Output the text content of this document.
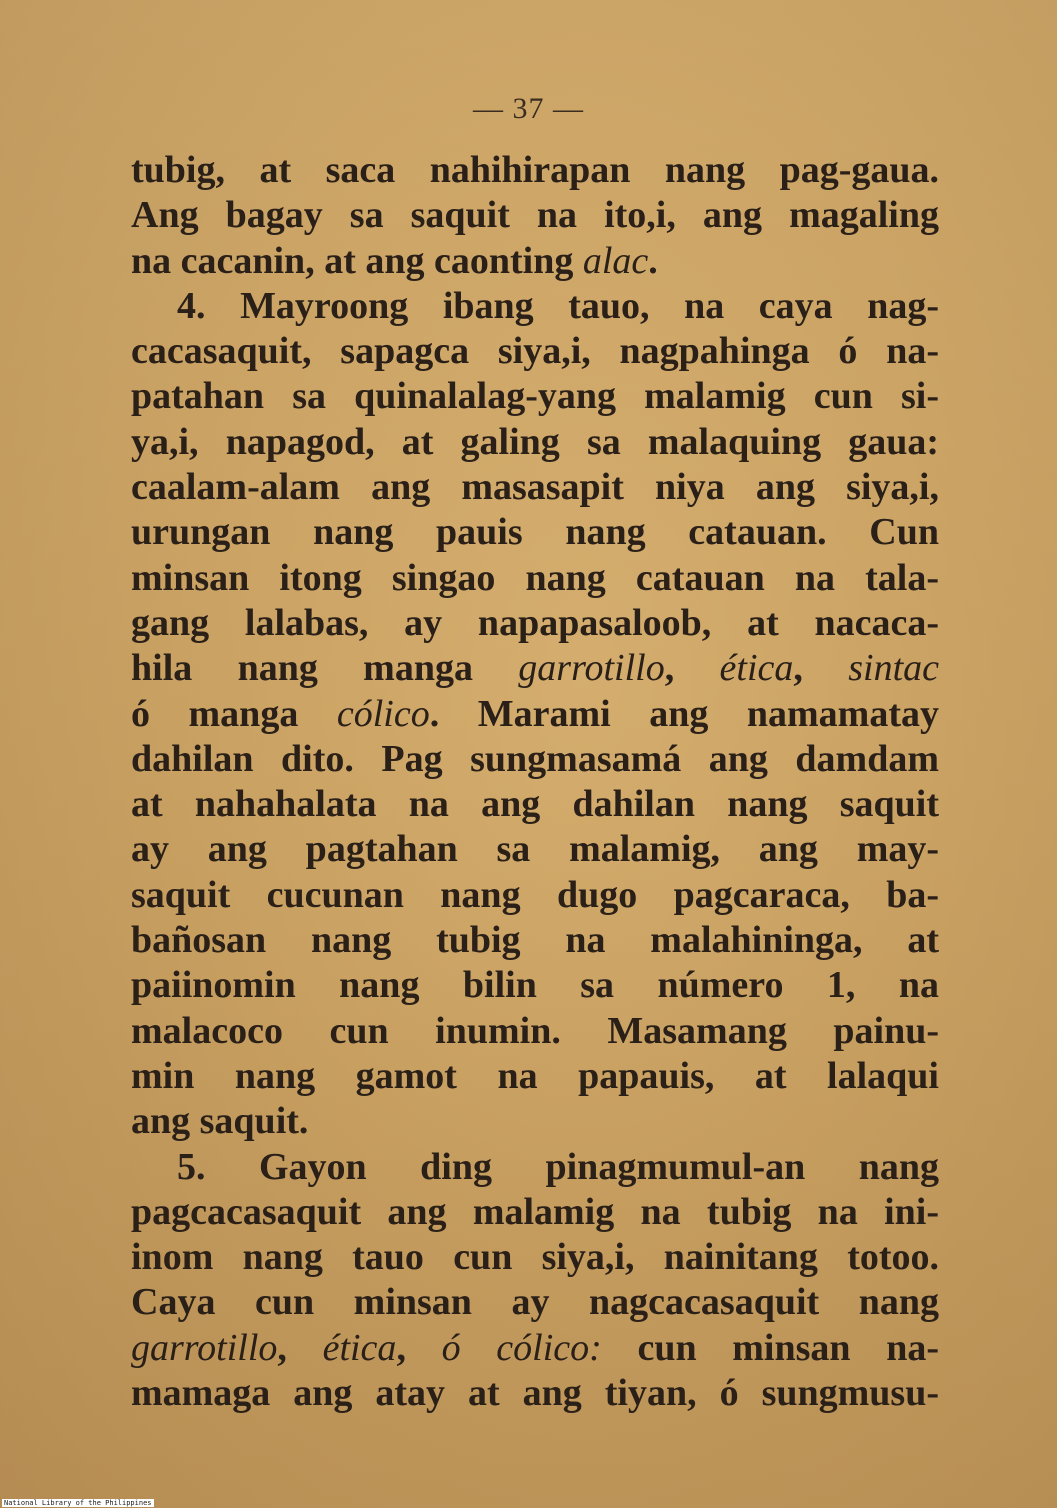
— 37 —
tubig, at saca nahihirapan nang pag-gaua.
Ang bagay sa saquit na ito,i, ang magaling
na cacanin, at ang caonting alac.
4. Mayroong ibang tauo, na caya nag-
cacasaquit, sapagca siya,i, nagpahinga ó na-
patahan sa quinalalag-yang malamig cun si-
ya,i, napagod, at galing sa malaquing gaua:
caalam-alam ang masasapit niya ang siya,i,
urungan nang pauis nang catauan. Cun
minsan itong singao nang catauan na tala-
gang lalabas, ay napapasaloob, at nacaca-
hila nang manga garrotillo, ética, sintac
ó manga cólico. Marami ang namamatay
dahilan dito. Pag sungmasamá ang damdam
at nahahalata na ang dahilan nang saquit
ay ang pagtahan sa malamig, ang may-
saquit cucunan nang dugo pagcaraca, ba-
bañosan nang tubig na malahininga, at
paiinomin nang bilin sa número 1, na
malacoco cun inumin. Masamang painu-
min nang gamot na papauis, at lalaqui
ang saquit.
5. Gayon ding pinagmumul-an nang
pagcacasaquit ang malamig na tubig na ini-
inom nang tauo cun siya,i, nainitang totoo.
Caya cun minsan ay nagcacasaquit nang
garrotillo, ética, ó cólico: cun minsan na-
mamaga ang atay at ang tiyan, ó sungmusu-
National Library of the Philippines
